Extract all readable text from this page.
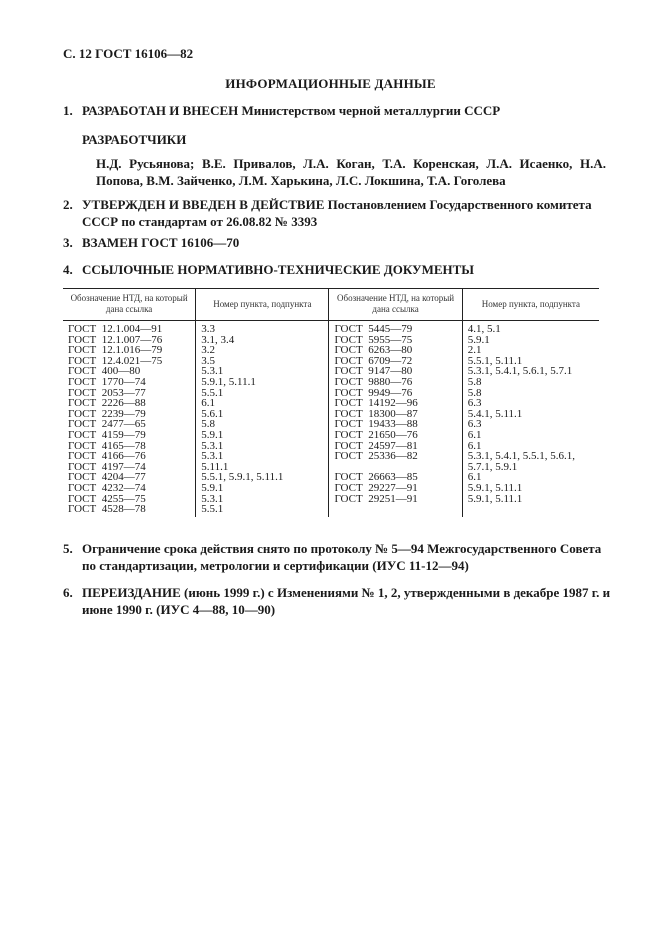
С. 12 ГОСТ 16106—82
ИНФОРМАЦИОННЫЕ ДАННЫЕ
1. РАЗРАБОТАН И ВНЕСЕН Министерством черной металлургии СССР
РАЗРАБОТЧИКИ
Н.Д. Русьянова; В.Е. Привалов, Л.А. Коган, Т.А. Коренская, Л.А. Исаенко, Н.А. Попова, В.М. Зайченко, Л.М. Харькина, Л.С. Локшина, Т.А. Гоголева
2. УТВЕРЖДЕН И ВВЕДЕН В ДЕЙСТВИЕ Постановлением Государственного комитета СССР по стандартам от 26.08.82 № 3393
3. ВЗАМЕН ГОСТ 16106—70
4. ССЫЛОЧНЫЕ НОРМАТИВНО-ТЕХНИЧЕСКИЕ ДОКУМЕНТЫ
Обозначение НТД, на который дана ссылка	Номер пункта, подпункта	Обозначение НТД, на который дана ссылка	Номер пункта, подпункта
ГОСТ  12.1.004—91	3.3	ГОСТ  5445—79	4.1, 5.1
ГОСТ  12.1.007—76	3.1, 3.4	ГОСТ  5955—75	5.9.1
ГОСТ  12.1.016—79	3.2	ГОСТ  6263—80	2.1
ГОСТ  12.4.021—75	3.5	ГОСТ  6709—72	5.5.1, 5.11.1
ГОСТ  400—80	5.3.1	ГОСТ  9147—80	5.3.1, 5.4.1, 5.6.1, 5.7.1
ГОСТ  1770—74	5.9.1, 5.11.1	ГОСТ  9880—76	5.8
ГОСТ  2053—77	5.5.1	ГОСТ  9949—76	5.8
ГОСТ  2226—88	6.1	ГОСТ  14192—96	6.3
ГОСТ  2239—79	5.6.1	ГОСТ  18300—87	5.4.1, 5.11.1
ГОСТ  2477—65	5.8	ГОСТ  19433—88	6.3
ГОСТ  4159—79	5.9.1	ГОСТ  21650—76	6.1
ГОСТ  4165—78	5.3.1	ГОСТ  24597—81	6.1
ГОСТ  4166—76	5.3.1	ГОСТ  25336—82	5.3.1, 5.4.1, 5.5.1, 5.6.1,
ГОСТ  4197—74	5.11.1		5.7.1, 5.9.1
ГОСТ  4204—77	5.5.1, 5.9.1, 5.11.1	ГОСТ  26663—85	6.1
ГОСТ  4232—74	5.9.1	ГОСТ  29227—91	5.9.1, 5.11.1
ГОСТ  4255—75	5.3.1	ГОСТ  29251—91	5.9.1, 5.11.1
ГОСТ  4528—78	5.5.1		
5. Ограничение срока действия снято по протоколу № 5—94 Межгосударственного Совета по стандартизации, метрологии и сертификации (ИУС 11-12—94)
6. ПЕРЕИЗДАНИЕ (июнь 1999 г.) с Изменениями № 1, 2, утвержденными в декабре 1987 г. и июне 1990 г. (ИУС 4—88, 10—90)
